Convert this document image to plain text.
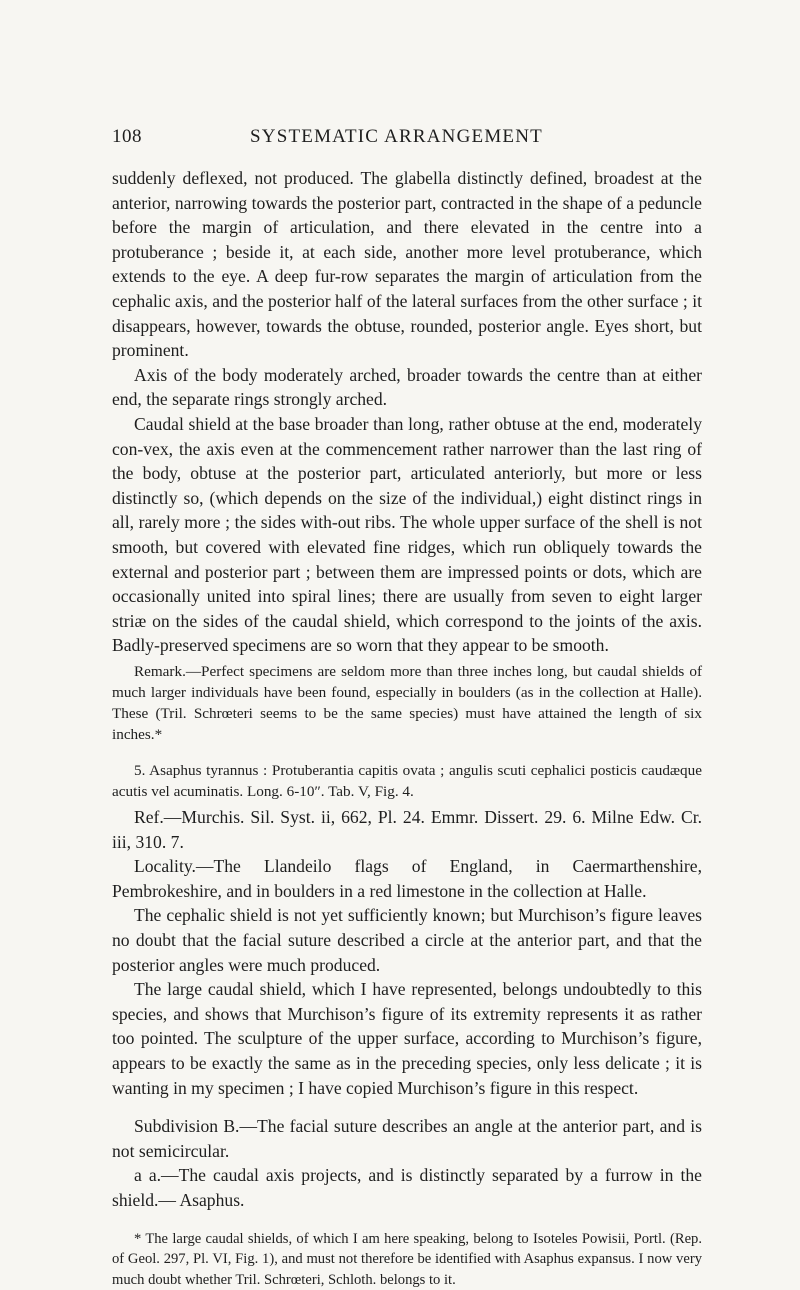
108	SYSTEMATIC ARRANGEMENT

suddenly deflexed, not produced. The glabella distinctly defined, broadest at the anterior, narrowing towards the posterior part, contracted in the shape of a peduncle before the margin of articulation, and there elevated in the centre into a protuberance ; beside it, at each side, another more level protuberance, which extends to the eye. A deep fur-row separates the margin of articulation from the cephalic axis, and the posterior half of the lateral surfaces from the other surface ; it disappears, however, towards the obtuse, rounded, posterior angle. Eyes short, but prominent.

Axis of the body moderately arched, broader towards the centre than at either end, the separate rings strongly arched.

Caudal shield at the base broader than long, rather obtuse at the end, moderately con-vex, the axis even at the commencement rather narrower than the last ring of the body, obtuse at the posterior part, articulated anteriorly, but more or less distinctly so, (which depends on the size of the individual,) eight distinct rings in all, rarely more ; the sides with-out ribs. The whole upper surface of the shell is not smooth, but covered with elevated fine ridges, which run obliquely towards the external and posterior part ; between them are impressed points or dots, which are occasionally united into spiral lines; there are usually from seven to eight larger striæ on the sides of the caudal shield, which correspond to the joints of the axis. Badly-preserved specimens are so worn that they appear to be smooth.

Remark.—Perfect specimens are seldom more than three inches long, but caudal shields of much larger individuals have been found, especially in boulders (as in the collection at Halle). These (Tril. Schrœteri seems to be the same species) must have attained the length of six inches.*

5. Asaphus tyrannus : Protuberantia capitis ovata ; angulis scuti cephalici posticis caudæque acutis vel acuminatis. Long. 6-10″. Tab. V, Fig. 4.

Ref.—Murchis. Sil. Syst. ii, 662, Pl. 24. Emmr. Dissert. 29. 6. Milne Edw. Cr. iii, 310. 7.

Locality.—The Llandeilo flags of England, in Caermarthenshire, Pembrokeshire, and in boulders in a red limestone in the collection at Halle.

The cephalic shield is not yet sufficiently known; but Murchison’s figure leaves no doubt that the facial suture described a circle at the anterior part, and that the posterior angles were much produced.

The large caudal shield, which I have represented, belongs undoubtedly to this species, and shows that Murchison’s figure of its extremity represents it as rather too pointed. The sculpture of the upper surface, according to Murchison’s figure, appears to be exactly the same as in the preceding species, only less delicate ; it is wanting in my specimen ; I have copied Murchison’s figure in this respect.

Subdivision B.—The facial suture describes an angle at the anterior part, and is not semicircular.

a a.—The caudal axis projects, and is distinctly separated by a furrow in the shield.— Asaphus.

* The large caudal shields, of which I am here speaking, belong to Isoteles Powisii, Portl. (Rep. of Geol. 297, Pl. VI, Fig. 1), and must not therefore be identified with Asaphus expansus. I now very much doubt whether Tril. Schrœteri, Schloth. belongs to it.
